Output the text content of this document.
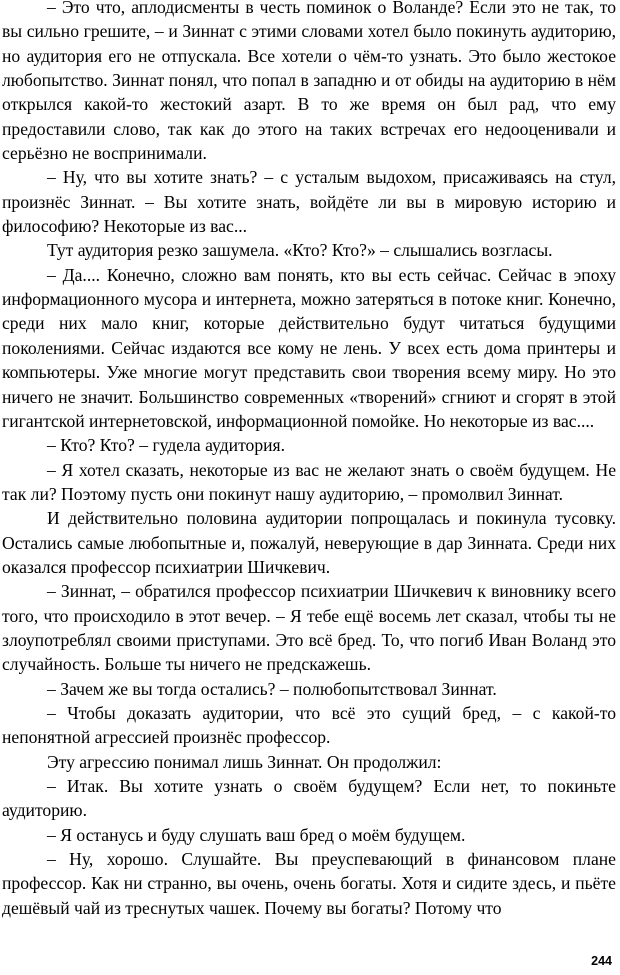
– Это что, аплодисменты в честь поминок о Воланде? Если это не так, то вы сильно грешите, – и Зиннат с этими словами хотел было покинуть аудиторию, но аудитория его не отпускала. Все хотели о чём-то узнать. Это было жестокое любопытство. Зиннат понял, что попал в западню и от обиды на аудиторию в нём открылся какой-то жестокий азарт. В то же время он был рад, что ему предоставили слово, так как до этого на таких встречах его недооценивали и серьёзно не воспринимали.

– Ну, что вы хотите знать? – с усталым выдохом, присаживаясь на стул, произнёс Зиннат. – Вы хотите знать, войдёте ли вы в мировую историю и философию? Некоторые из вас...

Тут аудитория резко зашумела. «Кто? Кто?» – слышались возгласы.

– Да.... Конечно, сложно вам понять, кто вы есть сейчас. Сейчас в эпоху информационного мусора и интернета, можно затеряться в потоке книг. Конечно, среди них мало книг, которые действительно будут читаться будущими поколениями. Сейчас издаются все кому не лень. У всех есть дома принтеры и компьютеры. Уже многие могут представить свои творения всему миру. Но это ничего не значит. Большинство современных «творений» сгниют и сгорят в этой гигантской интернетовской, информационной помойке. Но некоторые из вас....

– Кто? Кто? – гудела аудитория.

– Я хотел сказать, некоторые из вас не желают знать о своём будущем. Не так ли? Поэтому пусть они покинут нашу аудиторию, – промолвил Зиннат.

И действительно половина аудитории попрощалась и покинула тусовку. Остались самые любопытные и, пожалуй, неверующие в дар Зинната. Среди них оказался профессор психиатрии Шичкевич.

– Зиннат, – обратился профессор психиатрии Шичкевич к виновнику всего того, что происходило в этот вечер. – Я тебе ещё восемь лет сказал, чтобы ты не злоупотреблял своими приступами. Это всё бред. То, что погиб Иван Воланд это случайность. Больше ты ничего не предскажешь.

– Зачем же вы тогда остались? – полюбопытствовал Зиннат.

– Чтобы доказать аудитории, что всё это сущий бред, – с какой-то непонятной агрессией произнёс профессор.

Эту агрессию понимал лишь Зиннат. Он продолжил:

– Итак. Вы хотите узнать о своём будущем? Если нет, то покиньте аудиторию.

– Я останусь и буду слушать ваш бред о моём будущем.

– Ну, хорошо. Слушайте. Вы преуспевающий в финансовом плане профессор. Как ни странно, вы очень, очень богаты. Хотя и сидите здесь, и пьёте дешёвый чай из треснутых чашек. Почему вы богаты? Потому что

244
